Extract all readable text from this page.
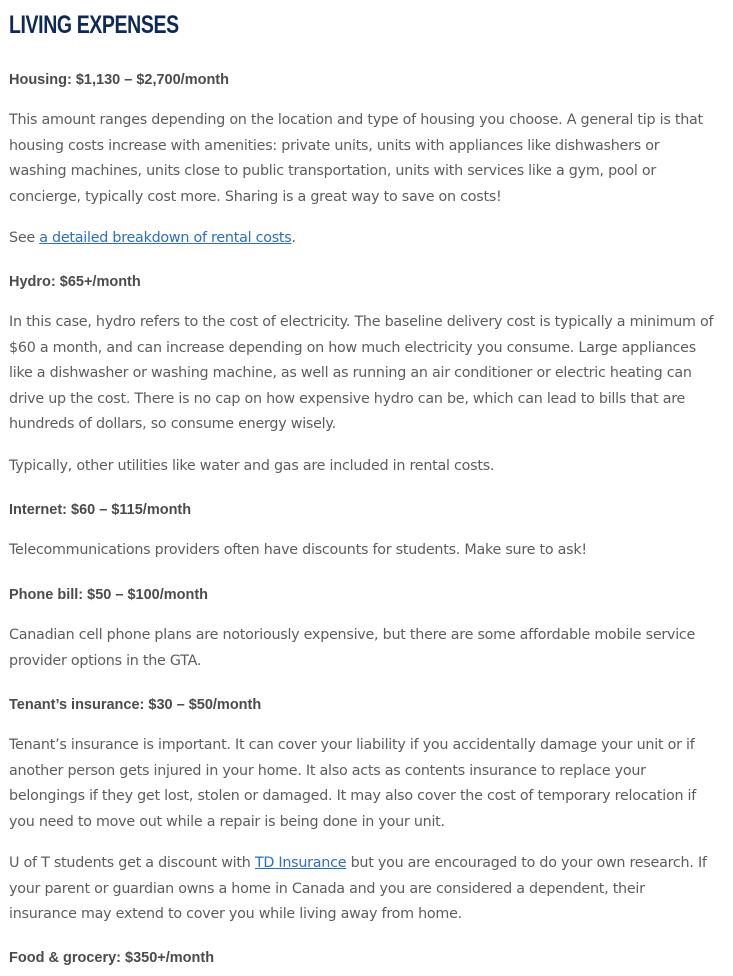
LIVING EXPENSES
Housing: $1,130 – $2,700/month

This amount ranges depending on the location and type of housing you choose. A general tip is that
housing costs increase with amenities: private units, units with appliances like dishwashers or
washing machines, units close to public transportation, units with services like a gym, pool or
concierge, typically cost more. Sharing is a great way to save on costs!

See a detailed breakdown of rental costs.

Hydro: $65+/month

In this case, hydro refers to the cost of electricity. The baseline delivery cost is typically a minimum of
$60 a month, and can increase depending on how much electricity you consume. Large appliances
like a dishwasher or washing machine, as well as running an air conditioner or electric heating can
drive up the cost. There is no cap on how expensive hydro can be, which can lead to bills that are
hundreds of dollars, so consume energy wisely.

Typically, other utilities like water and gas are included in rental costs.

Internet: $60 – $115/month

Telecommunications providers often have discounts for students. Make sure to ask!

Phone bill: $50 – $100/month

Canadian cell phone plans are notoriously expensive, but there are some affordable mobile service
provider options in the GTA.

Tenant’s insurance: $30 – $50/month

Tenant’s insurance is important. It can cover your liability if you accidentally damage your unit or if
another person gets injured in your home. It also acts as contents insurance to replace your
belongings if they get lost, stolen or damaged. It may also cover the cost of temporary relocation if
you need to move out while a repair is being done in your unit.

U of T students get a discount with TD Insurance but you are encouraged to do your own research. If
your parent or guardian owns a home in Canada and you are considered a dependent, their
insurance may extend to cover you while living away from home.

Food & grocery: $350+/month
